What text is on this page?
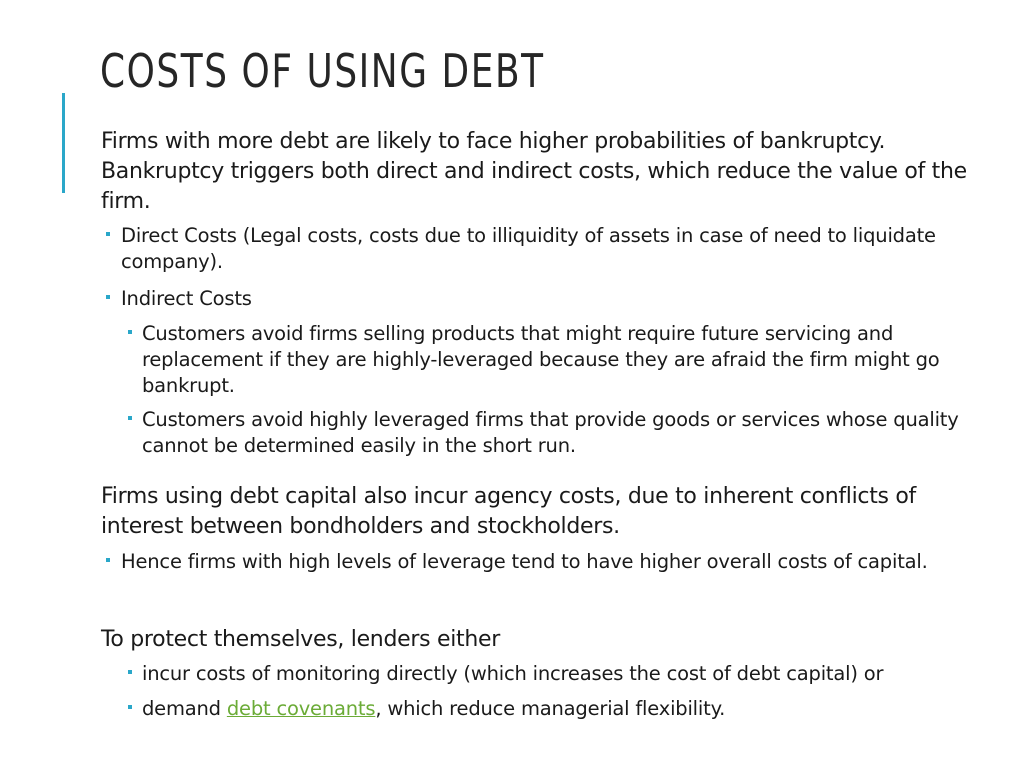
COSTS OF USING DEBT
Firms with more debt are likely to face higher probabilities of bankruptcy. Bankruptcy triggers both direct and indirect costs, which reduce the value of the firm.
Direct Costs (Legal costs, costs due to illiquidity of assets in case of need to liquidate company).
Indirect Costs
Customers avoid firms selling products that might require future servicing and replacement if they are highly-leveraged because they are afraid the firm might go bankrupt.
Customers avoid highly leveraged firms that provide goods or services whose quality cannot be determined easily in the short run.
Firms using debt capital also incur agency costs, due to inherent conflicts of interest between bondholders and stockholders.
Hence firms with high levels of leverage tend to have higher overall costs of capital.
To protect themselves, lenders either
incur costs of monitoring directly (which increases the cost of debt capital) or
demand debt covenants, which reduce managerial flexibility.
